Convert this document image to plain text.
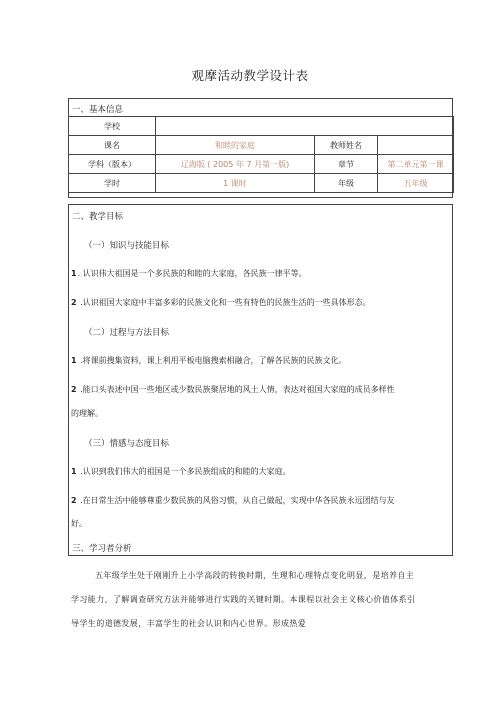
观摩活动教学设计表
一、基本信息
学校			
课名	和睦的家庭	教师姓名	
学科（版本）	辽海版 ( 2005 年 7 月第一版)	章节	第二单元第一课
学时	1 课时	年级	五年级
二、教学目标
（一）知识与技能目标
1. 认识伟大祖国是一个多民族的和睦的大家庭，各民族一律平等。
2 .认识祖国大家庭中丰富多彩的民族文化和一些有特色的民族生活的一些具体形态。
（二）过程与方法目标
1 .将课前搜集资料，课上利用平板电脑搜索相融合，了解各民族的民族文化。
2 .能口头表述中国一些地区或少数民族聚居地的风土人情，表达对祖国大家庭的成员多样性
的理解。
（三）情感与态度目标
1 .认识到我们伟大的祖国是一个多民族组成的和睦的大家庭。
2 .在日常生活中能够尊重少数民族的风俗习惯，从自己做起，实现中华各民族永远团结与友
好。
三、学习者分析
五年级学生处于刚刚升上小学高段的转换时期，生理和心理特点变化明显，是培养自主
学习能力，了解调查研究方法并能够进行实践的关键时期。本课程以社会主义核心价值体系引
导学生的道德发展，丰富学生的社会认识和内心世界。形成热爱
